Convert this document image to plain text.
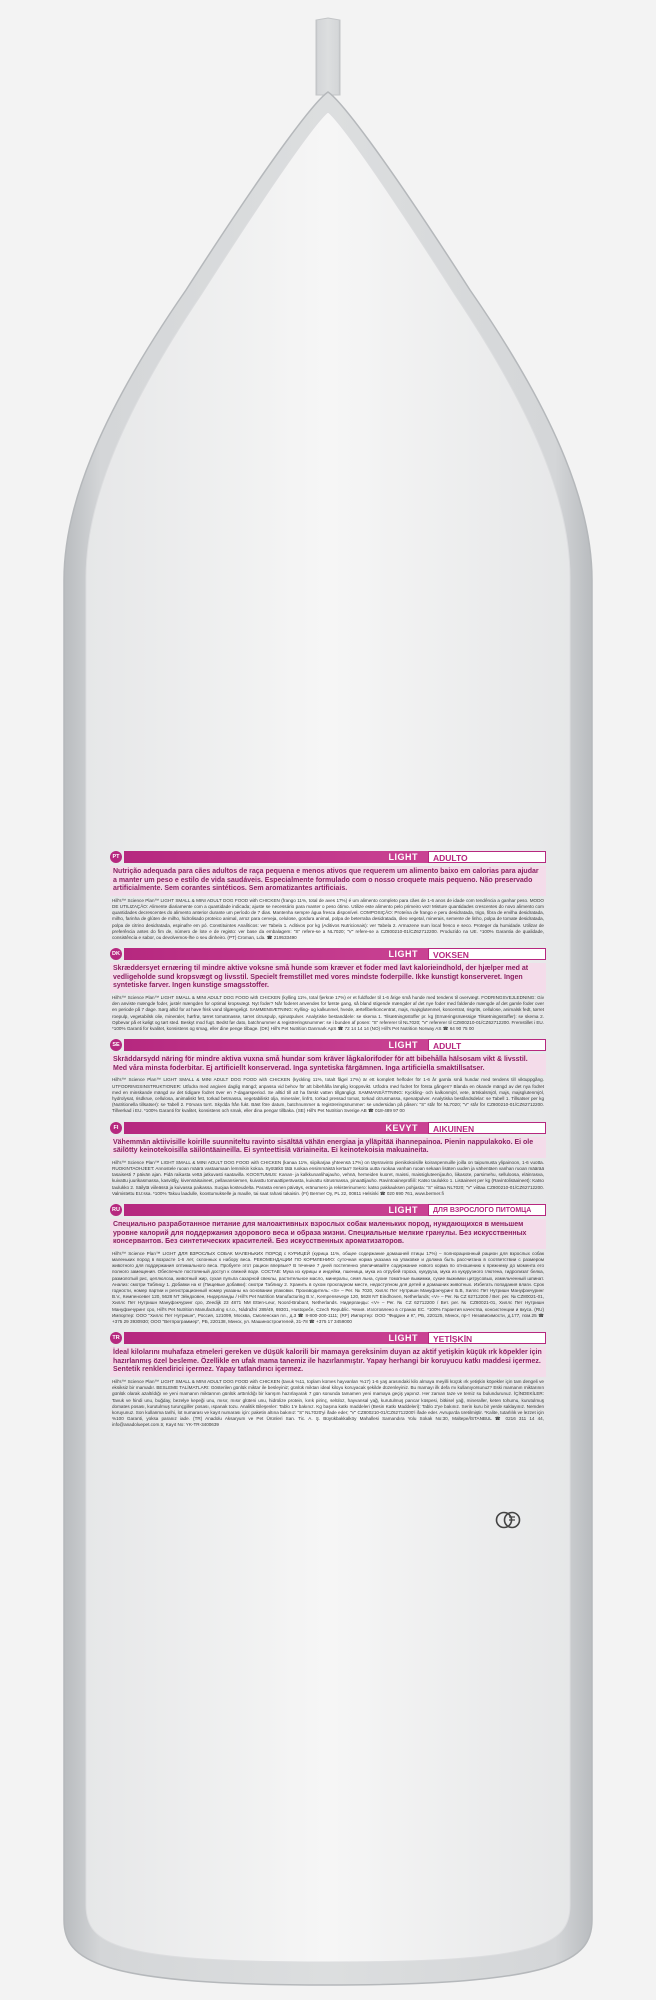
PT	LIGHT	ADULTO
Nutrição adequada para cães adultos de raça pequena e menos ativos que requerem um alimento baixo em calorias para ajudar a manter um peso e estilo de vida saudáveis. Especialmente formulado com o nosso croquete mais pequeno. Não preservado artificialmente. Sem corantes sintéticos. Sem aromatizantes artificiais.
Hill's™ Science Plan™ LIGHT SMALL & MINI ADULT DOG FOOD with CHICKEN (frango 11%, total de aves 17%) é um alimento completo para cães de 1-6 anos de idade com tendência a ganhar peso. MODO DE UTILIZAÇÃO: Alimente diariamente com a quantidade indicada; ajuste se necessário para manter o peso ótimo. Utilize este alimento pelo primeiro vez! Misture quantidades crescentes do novo alimento com quantidades decrescentes do alimento anterior durante um período de 7 dias. Mantenha sempre água fresca disponível. COMPOSIÇÃO: Proteína de frango e peru desidratada, trigo, fibra de ervilha desidratada, milho, farinha de glúten de milho, hidrolisado proteico animal, arroz para cerveja, celulose, gordura animal, polpa de beterraba desidratada, óleo vegetal, minerais, semente de linho, polpa de tomate desidratada, polpa de citrino desidratada, espinafre em pó. Constituintes Analíticos: ver Tabela 1. Aditivos por kg (Aditivos Nutricionais): ver Tabela 2. Armazene num local fresco e seco. Proteger da humidade. Utilizar de preferência antes do fim de, número de lote e de registo: ver base da embalagem: "S" refere-se a NL7020; "V" refere-se a CZ800210-01/CZ62712200. Produzido na UE. *100% Garantia de qualidade, consistência e sabor, ou devolvemos-lhe o seu dinheiro. (PT) Croman, Lda. ☎ 219533490
DK	LIGHT	VOKSEN
Skræddersyet ernæring til mindre aktive voksne små hunde som kræver et foder med lavt kalorieindhold, der hjælper med at vedligeholde sund kropsvægt og livsstil. Specielt fremstillet med vores mindste foderpille. Ikke kunstigt konserveret. Ingen syntetiske farver. Ingen kunstige smagsstoffer.
Hill's™ Science Plan™ LIGHT SMALL & MINI ADULT DOG FOOD with CHICKEN (kylling 11%, total fjerkræ 17%) er et fuldfoder til 1-6 årige små hunde med tendens til overvægt. FODRINGSVEJLEDNING: Giv den anviste mængde foder, justér mængden for optimal kropsvægt. Nyt foder? Når foderet anvendes for første gang, så bland stigende mængder af det nye foder med faldende mængde af det gamle foder over en periode på 7 dage. Sørg altid for at have frisk vand tilgængeligt. SAMMENSÆTNING: Kylling- og kalkunmel, hvede, ærtefiberkoncentrat, majs, majsglutenmel, koncentrat, risgrits, cellulose, animalsk fedt, tørret roepulp, vegetabilsk olie, mineraler, hørfrø, tørret tomatmasse, tørret citruspulp, spinatpulver. Analytiske bestanddele: se skema 1. Tilsætningsstoffer pr. kg (Ernæringsmæssige Tilsætningsstoffer): se skema 2. Opbevar på et køligt og tørt sted. Beskyt mod fugt. Bedst før dato, batchnummer & registreringsnummer: se i bunden af posen: "S" refererer til NL7020; "V" refererer til CZ800210-01/CZ62712200. Fremstillet i EU. *100% Garanti for kvalitet, konsistens og smag, eller dine penge tilbage. (DK) Hill's Pet Nutrition Danmark ApS ☎ 72 14 14 14 (NO) Hill's Pet Nutrition Norway AS ☎ 64 90 75 00
SE	LIGHT	ADULT
Skräddarsydd näring för mindre aktiva vuxna små hundar som kräver lågkalorifoder för att bibehålla hälsosam vikt & livsstil. Med våra minsta foderbitar. Ej artificiellt konserverad. Inga syntetiska färgämnen. Inga artificiella smaktillsatser.
Hill's™ Science Plan™ LIGHT SMALL & MINI ADULT DOG FOOD with CHICKEN (kyckling 11%, totalt fågel 17%) är ett komplett helfoder för 1-6 år gamla små hundar med tendens till viktuppgång. UTFODRINGSINSTRUKTIONER: Utfodra med angiven daglig mängd; anpassa vid behov för att bibehålla lämplig kroppsvikt. Utfodra med fodret för första gången? Blanda en ökande mängd av det nya fodret med en minskande mängd av det tidigare fodret över en 7-dagarsperiod. Se alltid till att ha färskt vatten tillgängligt. SAMMANSÄTTNING: Kyckling- och kalkonmjöl, vete, ärtskalsmjöl, majs, majsglutenmjöl, hydrolysat, risdkrue, cellulosa, animaliskt fett, torkad betmassa, vegetabiliskt olja, mineraler, linfrö, torkad pressad tomat, torkad citrusmassa, spenatpulver. Analytiska beståndsdelar: se Tabell 1. Tillsatser per kg (Nutritionella tillsatser): se Tabell 2. Förvara torrt. Skydda från fukt. Bäst före datum, batchnummer & registreringsnummer: se undersidan på påsen: "S" står för NL7020; "V" står för CZ800210-01/CZ62712200. Tillverkad i EU. *100% Garanti för kvalitet, konsistens och smak, eller dina pengar tillbaka. (SE) Hill's Pet Nutrition Sverige AB ☎ 018-489 97 00
FI	KEVYT	AIKUINEN
Vähemmän aktiivisille koirille suunniteltu ravinto sisältää vähän energiaa ja ylläpitää ihannepainoa. Pienin nappulakoko. Ei ole säilötty keinotekoisilla säilöntäaineilla. Ei synteettisiä väriaineita. Ei keinotekoisia makuaineita.
Hill's™ Science Plan™ LIGHT SMALL & MINI ADULT DOG FOOD with CHICKEN (kanaa 11%, siipikarjaa yhteensä 17%) on täysravinto pienikokoisille koiranpennuille joilla on taipumusta ylipainoon, 1-6 vuotta. RUOKINTAOHJEET: Annostele ruoan määrä vastaamaan lemmikin kokoa. Syötätkö tätä ruokaa ensimmäistä kertaa? Sekoita uutta ruokaa vanhan ruoan sekaan lisäten uuden ja vähentäen vanhan ruoan määrää tasaisesti 7 päivän ajan. Pidä raikasta vettä jatkuvasti saatavilla. KOOSTUMUS: Kanan- ja kalkkunanlihajauho, vehnä, herneiden kuoret, maissi, maissigluteenijauho, liikasote, parsimehu, selluloosa, eläinrasva, kuivattu juurikasmassa, kasviöljy, kivennäisaineet, pellavansiemen, kuivattu tomaattiperävasta, kuivattu sitrusmassa, pinaattijauho. Ravintoaineprofiili: Katso taulukko 1. Lisäaineet per kg (Ravintolisäaineet): Katso taulukko 2. Säilytä viileässä ja kuivassa paikassa. Suojaa kosteudelta. Parasta ennen päiväys, eränumero ja rekisterinumero: katso pakkauksen pohjasta: "S" viittaa NL7020; "V" viittaa CZ800210-01/CZ62712200. Valmistettu EU:ssa. *100% Takuu laadulle, koostumukselle ja maulle, tai saat rahasi takaisin. (FI) Bermer Oy, PL 22, 00811 Helsinki ☎ 020 690 761, www.bermer.fi
RU	LIGHT	ДЛЯ ВЗРОСЛОГО ПИТОМЦА
Специально разработанное питание для малоактивных взрослых собак маленьких пород, нуждающихся в меньшем уровне калорий для поддержания здорового веса и образа жизни. Специальные мелкие гранулы. Без искусственных консервантов. Без синтетических красителей. Без искусственных ароматизаторов.
Hill's™ Science Plan™ LIGHT ДЛЯ ВЗРОСЛЫХ СОБАК МАЛЕНЬКИХ ПОРОД с КУРИЦЕЙ (курица 11%, общее содержание домашней птицы 17%) – полнорационный рацион для взрослых собак маленьких пород в возрасте 1-6 лет, склонных к набору веса. РЕКОМЕНДАЦИИ ПО КОРМЛЕНИЮ: суточная норма указана на упаковке и должна быть рассчитана в соответствии с размером животного для поддержания оптимального веса. Пробуете этот рацион впервые? В течение 7 дней постепенно увеличивайте содержание нового корма по отношению к прежнему до момента его полного замещения. Обеспечьте постоянный доступ к свежей воде. СОСТАВ: Мука из курицы и индейки, пшеница, мука из отрубей гороха, кукуруза, мука из кукурузного глютена, гидролизат белка, размолотый рис, целлюлоза, животный жир, сухая пульпа сахарной свеклы, растительное масло, минералы, семя льна, сухие томатные выжимки, сухие выжимки цитрусовых, измельченный шпинат. Анализ: смотри Таблицу 1. Добавки на кг (Пищевые добавки): смотри Таблицу 2. Хранить в сухом прохладном месте, недоступном для детей и домашних животных. Избегать попадания влаги. Срок годности, номер партии и регистрационный номер указаны на основании упаковки. Производитель: «S» – Рег. № 7020, Хиллс Пет Нутришн Мануфэкчуринг Б.В, Хиллс Пет Нутришн Мануфэкчуринг B.V., Кемпенсевег 120, 5628 NT Эйндховен, Нидерланды / Hill's Pet Nutrition Manufacturing B.V., Kempensevege 120, 5628 NT Eindhoven, Netherlands; «V» – Рег. № CZ 62712200 / Вет. рег. № CZ80021-01, Хиллс Пет Нутришн Мануфэкчуринг срo, Zeedijk 23 4871 NM Etten-Leur, Noord-Brabant, Netherlands. Нидерланды: «V» – Рег. № CZ 62712200 / Вет. рег. № CZ80021-01, Хиллс Пет Нутришн Мануфэкчуринг срo, Hill's Pet Nutrition Manufacturing s.r.o., Nádražní 289/49, 69301, Hustopeče, Czech Republic. Чехия. Изготовлено в странах ЕС. *100% Гарантия качества, консистенции и вкуса. (RU) Импортер: ООО "Хиллс Пет Нутришн", Россия, 121099, Москва, Смоленская пл., д.3 ☎ 8-800-200-1111; (RF) Импортер: ООО "Фидрин и К", РБ, 220125, Минск, пр-т Независимости, д.177, пом.25 ☎ +375 29 3930930; ООО "Ветпрограммер", РБ, 220138, Минск, ул. Машиностроителей, 31-78 ☎ +375 17 3459000
TR	LIGHT	YETİŞKİN
İdeal kilolarını muhafaza etmeleri gereken ve düşük kalorili bir mamaya gereksinim duyan az aktif yetişkin küçük ırk köpekler için hazırlanmış özel besleme. Özellikle en ufak mama tanemiz ile hazırlanmıştır. Yapay herhangi bir koruyucu katkı maddesi içermez. Sentetik renklendirici içermez. Yapay tatlandırıcı içermez.
Hill's™ Science Plan™ LIGHT SMALL & MINI ADULT DOG FOOD with CHICKEN (tavuk %11, toplam kümes hayvanları %17) 1-6 yaş arasındaki kilo almaya meyilli küçük ırk yetişkin köpekler için tam dengeli ve eksiksiz bir mamadır. BESLEME TALİMATLARI: Gösterilen günlük miktar ile besleyiniz; günlük miktarı ideal kiloyu koruyacak şekilde düzenleyiniz. Bu mamayı ilk defa mı kullanıyorsunuz? Eski mamanın miktarının günlük olarak azaltıldığı ve yeni mamanın miktarının günlük arttırıldığı bir karışım hazırlayarak 7 gün sonunda tamamen yeni mamaya geçiş yapınız. Her zaman taze ve temiz su bulundurunuz. İÇİNDEKİLER: Tavuk ve hindi unu, buğday, bezelye kepeği unu, mısır, mısır glüteni unu, hidrolize protein, kırık pirinç, selüloz, hayvansal yağ, kurutulmuş pancar küspesi, bitkisel yağ, mineraller, keten tohumu, kurutulmuş domates posası, kurutulmuş turunçgiller posası, ıspanak tozu. Analitik Bileşenler: Tablo 1'e bakınız. Kg başına katkı maddeleri (Besin Katkı Maddeleri): Tablo 2'ye bakınız. Serin kuru bir yerde saklayınız. Nemden koruyunuz. Son kullanma tarihi, lot numarası ve kayıt numarası için: paketin altına bakınız: "S" NL7020'yi ifade eder; "V" CZ800210-01/CZ62712200'i ifade eder. Avrupa'da üretilmiştir. *Kalite, tutarlılık ve lezzet için %100 Garanti, yoksa paranız iade. (TR) Anadolu Aksaryum ve Pet Ürünleri San. Tic. A. Ş. Büyükbakkalköy Mahallesi Samandıra Yolu Sokak No:30, Maltepe/İSTANBUL ☎ 0216 311 14 44, info@anadoluepet.com.tr, Kayıt No: YK-TR-3400639
